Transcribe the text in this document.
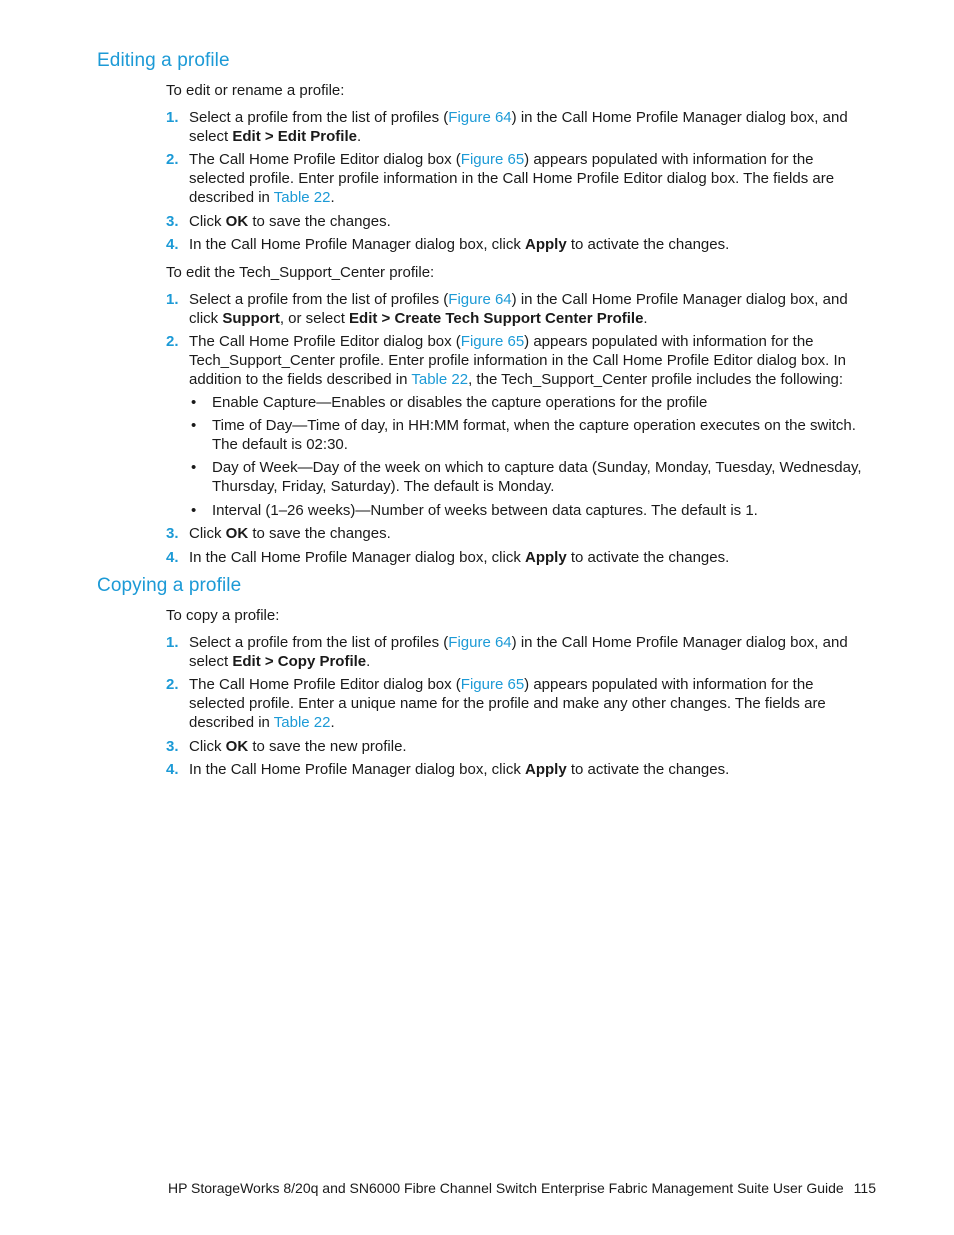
Editing a profile

To edit or rename a profile:

1. Select a profile from the list of profiles (Figure 64) in the Call Home Profile Manager dialog box, and select Edit > Edit Profile.
2. The Call Home Profile Editor dialog box (Figure 65) appears populated with information for the selected profile. Enter profile information in the Call Home Profile Editor dialog box. The fields are described in Table 22.
3. Click OK to save the changes.
4. In the Call Home Profile Manager dialog box, click Apply to activate the changes.

To edit the Tech_Support_Center profile:

1. Select a profile from the list of profiles (Figure 64) in the Call Home Profile Manager dialog box, and click Support, or select Edit > Create Tech Support Center Profile.
2. The Call Home Profile Editor dialog box (Figure 65) appears populated with information for the Tech_Support_Center profile. Enter profile information in the Call Home Profile Editor dialog box. In addition to the fields described in Table 22, the Tech_Support_Center profile includes the following:
• Enable Capture—Enables or disables the capture operations for the profile
• Time of Day—Time of day, in HH:MM format, when the capture operation executes on the switch. The default is 02:30.
• Day of Week—Day of the week on which to capture data (Sunday, Monday, Tuesday, Wednesday, Thursday, Friday, Saturday). The default is Monday.
• Interval (1–26 weeks)—Number of weeks between data captures. The default is 1.
3. Click OK to save the changes.
4. In the Call Home Profile Manager dialog box, click Apply to activate the changes.
Copying a profile

To copy a profile:

1. Select a profile from the list of profiles (Figure 64) in the Call Home Profile Manager dialog box, and select Edit > Copy Profile.
2. The Call Home Profile Editor dialog box (Figure 65) appears populated with information for the selected profile. Enter a unique name for the profile and make any other changes. The fields are described in Table 22.
3. Click OK to save the new profile.
4. In the Call Home Profile Manager dialog box, click Apply to activate the changes.
HP StorageWorks 8/20q and SN6000 Fibre Channel Switch Enterprise Fabric Management Suite User Guide 115
